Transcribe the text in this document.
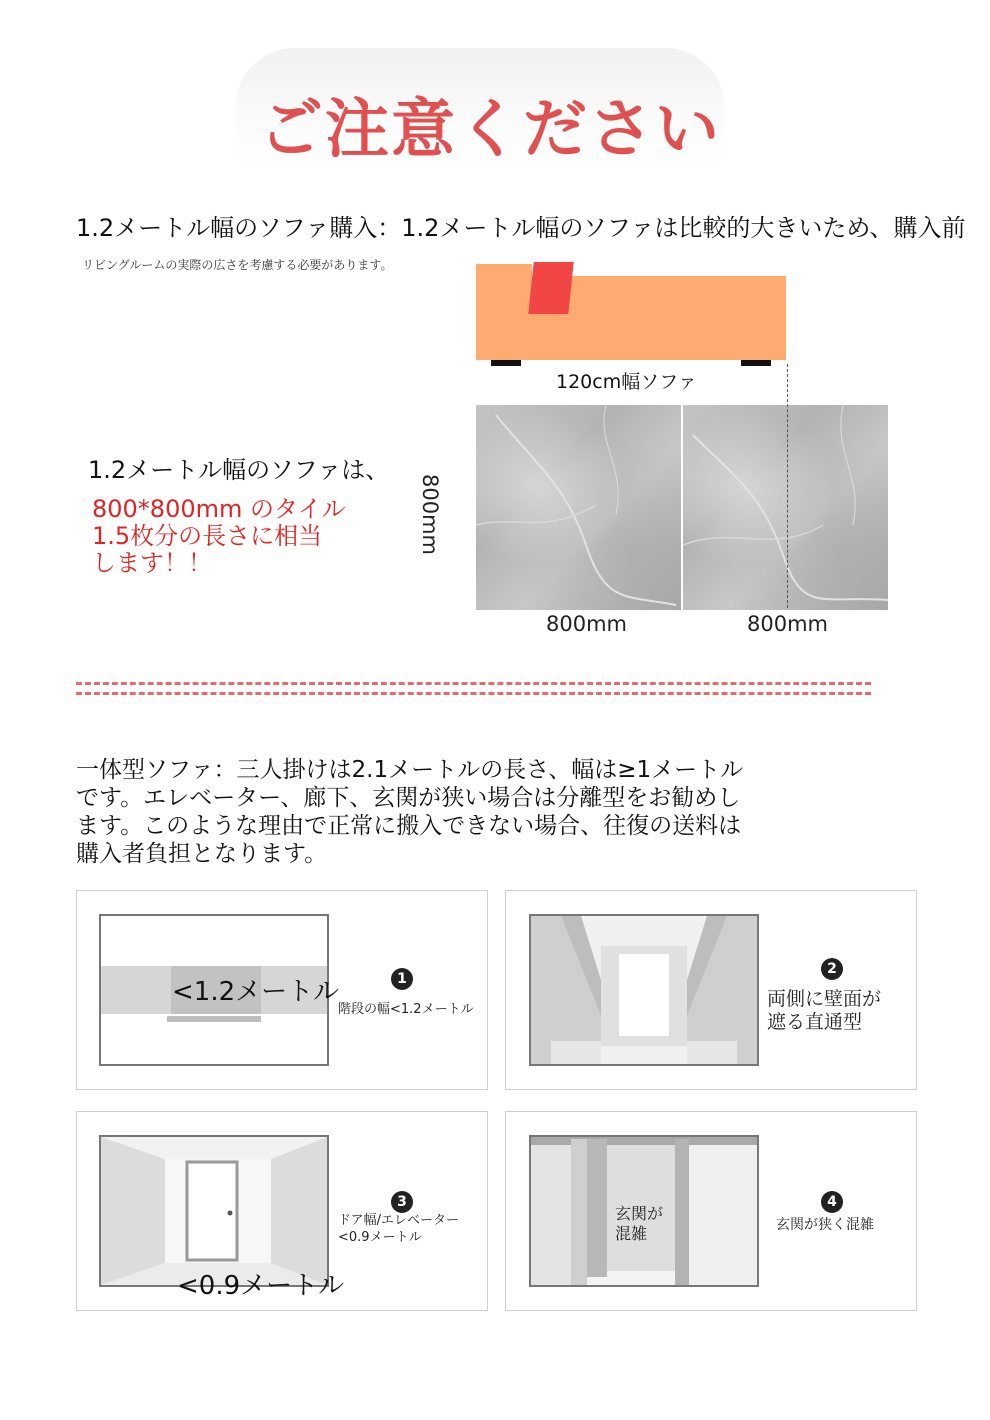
ご注意ください
1.2メートル幅のソファ購入：1.2メートル幅のソファは比較的大きいため、購入前
リビングルームの実際の広さを考慮する必要があります。
120cm幅ソファ
800mm	800mm
800mm
1.2メートル幅のソファは、
800*800mm のタイル
1.5枚分の長さに相当
します！！
一体型ソファ：三人掛けは2.1メートルの長さ、幅は≥1メートル
です。エレベーター、廊下、玄関が狭い場合は分離型をお勧めし
ます。このような理由で正常に搬入できない場合、往復の送料は
購入者負担となります。
<1.2メートル	1
階段の幅<1.2メートル
2
両側に壁面が
遮る直通型
<0.9メートル
3
ドア幅/エレベーター
<0.9メートル
玄関が
混雑
4
玄関が狭く混雑
